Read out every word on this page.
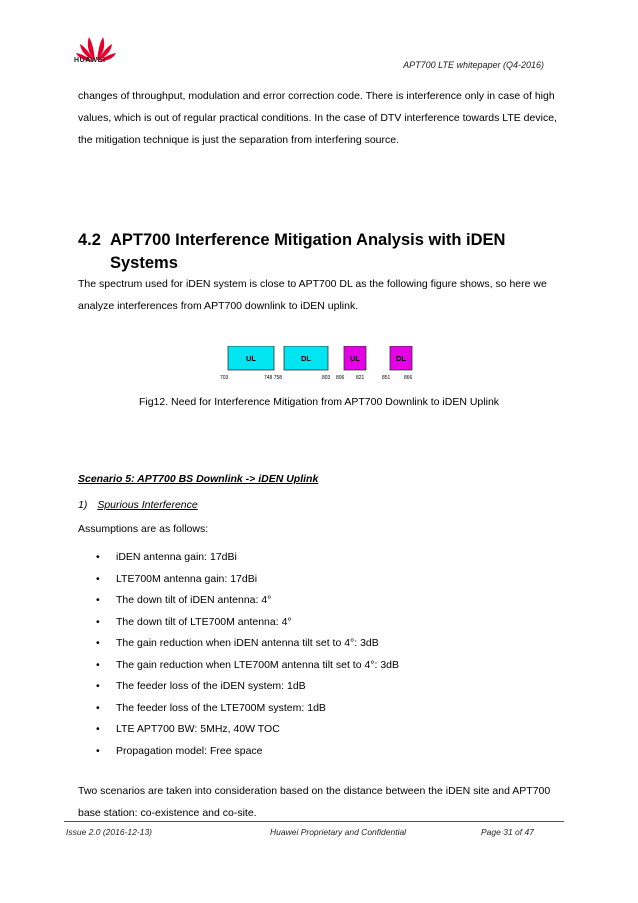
HUAWEI	APT700 LTE whitepaper (Q4-2016)
changes of throughput, modulation and error correction code. There is interference only in case of high values, which is out of regular practical conditions. In the case of DTV interference towards LTE device, the mitigation technique is just the separation from interfering source.
4.2 APT700 Interference Mitigation Analysis with iDEN
Systems
The spectrum used for iDEN system is close to APT700 DL as the following figure shows, so here we analyze interferences from APT700 downlink to iDEN uplink.
UL	DL	UL	DL
703	748 758	803 806 821	851	866
Fig12. Need for Interference Mitigation from APT700 Downlink to iDEN Uplink
Scenario 5: APT700 BS Downlink -> iDEN Uplink
1) Spurious Interference
Assumptions are as follows:
• iDEN antenna gain: 17dBi
• LTE700M antenna gain: 17dBi
• The down tilt of iDEN antenna: 4°
• The down tilt of LTE700M antenna: 4°
• The gain reduction when iDEN antenna tilt set to 4°: 3dB
• The gain reduction when LTE700M antenna tilt set to 4°: 3dB
• The feeder loss of the iDEN system: 1dB
• The feeder loss of the LTE700M system: 1dB
• LTE APT700 BW: 5MHz, 40W TOC
• Propagation model: Free space
Two scenarios are taken into consideration based on the distance between the iDEN site and APT700 base station: co-existence and co-site.
Issue 2.0 (2016-12-13)	Huawei Proprietary and Confidential	Page 31 of 47
